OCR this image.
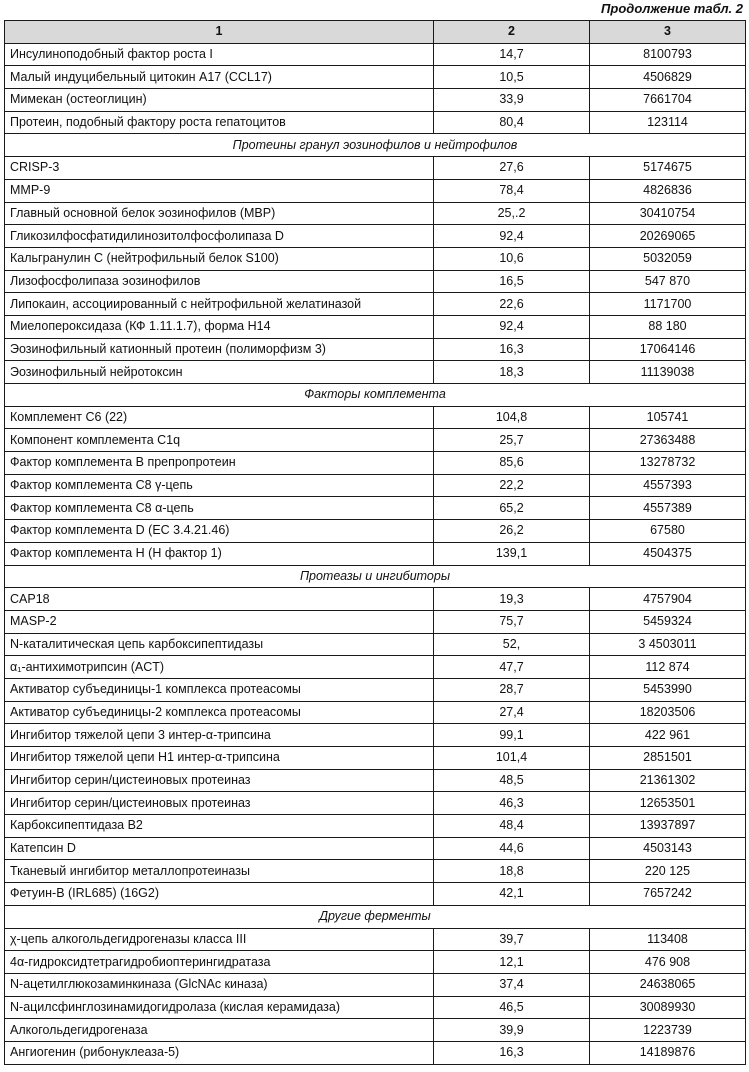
Продолжение табл. 2
1	2	3
Инсулиноподобный фактор роста I	14,7	8100793
Малый индуцибельный цитокин A17 (CCL17)	10,5	4506829
Мимекан (остеоглицин)	33,9	7661704
Протеин, подобный фактору роста гепатоцитов	80,4	123114
Протеины гранул эозинофилов и нейтрофилов		
CRISP-3	27,6	5174675
MMP-9	78,4	4826836
Главный основной белок эозинофилов (MBP)	25,.2	30410754
Гликозилфосфатидилинозитолфосфолипаза D	92,4	20269065
Кальгранулин C (нейтрофильный белок S100)	10,6	5032059
Лизофосфолипаза эозинофилов	16,5	547 870
Липокаин, ассоциированный с нейтрофильной желатиназой	22,6	1171700
Миелопероксидаза (КФ 1.11.1.7), форма H14	92,4	88 180
Эозинофильный катионный протеин (полиморфизм 3)	16,3	17064146
Эозинофильный нейротоксин	18,3	11139038
Факторы комплемента		
Комплемент C6 (22)	104,8	105741
Компонент комплемента C1q	25,7	27363488
Фактор комплемента B препропротеин	85,6	13278732
Фактор комплемента C8 γ-цепь	22,2	4557393
Фактор комплемента C8 α-цепь	65,2	4557389
Фактор комплемента D (EC 3.4.21.46)	26,2	67580
Фактор комплемента H (H фактор 1)	139,1	4504375
Протеазы и ингибиторы		
CAP18	19,3	4757904
MASP-2	75,7	5459324
N-каталитическая цепь карбоксипептидазы	52,	3 4503011
α₁-антихимотрипсин (ACT)	47,7	112 874
Активатор субъединицы-1 комплекса протеасомы	28,7	5453990
Активатор субъединицы-2 комплекса протеасомы	27,4	18203506
Ингибитор тяжелой цепи 3 интер-α-трипсина	99,1	422 961
Ингибитор тяжелой цепи H1 интер-α-трипсина	101,4	2851501
Ингибитор серин/цистеиновых протеиназ	48,5	21361302
Ингибитор серин/цистеиновых протеиназ	46,3	12653501
Карбоксипептидаза B2	48,4	13937897
Катепсин D	44,6	4503143
Тканевый ингибитор металлопротеиназы	18,8	220 125
Фетуин-B (IRL685) (16G2)	42,1	7657242
Другие ферменты		
χ-цепь алкогольдегидрогеназы класса III	39,7	113408
4α-гидроксидтетрагидробиоптерингидратаза	12,1	476 908
N-ацетилглюкозаминкиназа (GlcNAc киназа)	37,4	24638065
N-ацилсфинглозинамидогидролаза (кислая керамидаза)	46,5	30089930
Алкогольдегидрогеназа	39,9	1223739
Ангиогенин (рибонуклеаза-5)	16,3	14189876
